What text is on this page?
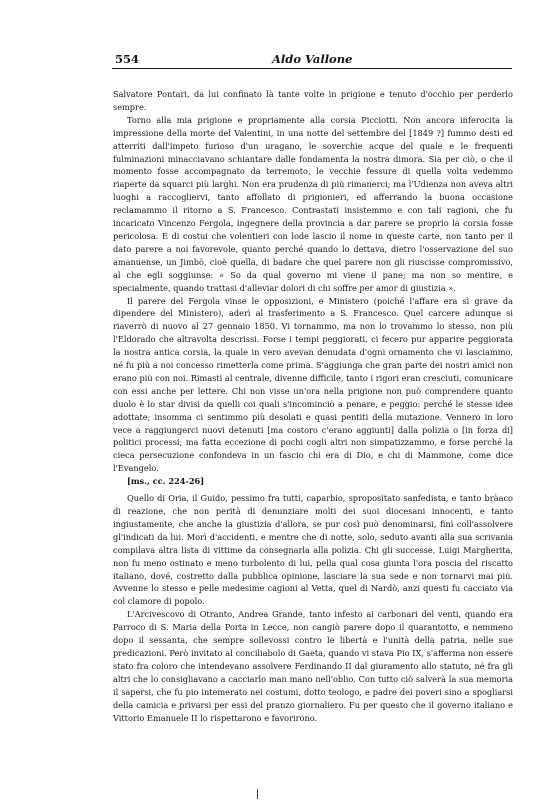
554	Aldo Vallone

Salvatore Pontari, da lui confinato là tante volte in prigione e tenuto d'occhio per perderlo sempre.

Torno alla mia prigione e propriamente alla corsia Picciotti. Non ancora inferocita la impressione della morte del Valentini, in una notte del settembre del [1849 ?] fummo desti ed atterriti dall'impeto furioso d'un uragano, le soverchie acque del quale e le frequenti fulminazioni minacciavano schiantare dalle fondamenta la nostra dimora. Sia per ciò, o che il momento fosse accompagnato da terremoto, le vecchie fessure di quella volta vedemmo riaperte da squarci più larghi. Non era prudenza di più rimanerci; ma l'Udienza non aveva altri luoghi a raccogliervi, tanto affollato di prigionieri, ed afferrando la buona occasione reclamammo il ritorno a S. Francesco. Contrastati insistemmo e con tali ragioni, che fu incaricato Vincenzo Fergola, ingegnere della provincia a dar parere se proprio la corsia fosse pericolosa. E di costui che volentieri con lode lascio il nome in queste carte, non tanto per il dato parere a noi favorevole, quanto perché quando lo dettava, dietro l'osservazione del suo amanuense, un Jimbò, cioè quella, di badare che quel parere non gli riuscisse compromissivo, al che egli soggiunse: « So da qual governo mi viene il pane; ma non so mentire, e specialmente, quando trattasi d'alleviar dolori di chi soffre per amor di giustizia ».

Il parere del Fergola vinse le opposizioni, e Ministero (poiché l'affare era sì grave da dipendere del Ministero), aderì al trasferimento a S. Francesco. Quel carcere adunque si riaverrò di nuovo al 27 gennaio 1850. Vi tornammo, ma non lo trovammo lo stesso, non più l'Eldorado che altravolta descrissi. Forse i tempi peggiorati, ci fecero pur apparire peggiorata la nostra antica corsia, la quale in vero avevan denudata d'ogni ornamento che vi lasciammo, né fu più a noi concesso rimetterla come prima. S'aggiunga che gran parte dei nostri amici non erano più con noi. Rimasti al centrale, divenne difficile, tanto i rigori eran cresciuti, comunicare con essi anche per lettere. Chi non visse un'ora nella prigione non può comprendere quanto duolo è lo star divisi da quelli coi quali s'incominciò a penare, e peggio: perché le stesse idee adottate; insomma ci sentimmo più desolati e quasi pentiti della mutazione. Vennero in loro vece a raggiungerci nuovi detenuti [ma costoro c'erano aggiunti] dalla polizia o [in forza di] politici processi; ma fatta eccezione di pochi cogli altri non simpatizzammo, e forse perché la cieca persecuzione confondeva in un fascio chi era di Dio, e chi di Mammone, come dice l'Evangelo.

[ms., cc. 224-26]

Quello di Oria, il Guido, pessimo fra tutti, caparbio, spropositato sanfedista, e tanto bràaco di reazione, che non perità di denunziare molti dei suoi diocesani innocenti, e tanto ingiustamente, che anche la giustizia d'allora, se pur così può denominarsi, finì coll'assolvere gl'indicati da lui. Morì d'accidenti, e mentre che di notte, solo, seduto avanti alla sua scrivania compilava altra lista di vittime da consegnarla alla polizia. Chi gli successe, Luigi Margherita, non fu meno ostinato e meno turbolento di lui, pella qual cosa giunta l'ora poscia del riscatto italiano, dové, costretto dalla pubblica opinione, lasciare la sua sede e non tornarvi mai più. Avvenne lo stesso e pelle medesime cagioni al Vetta, quel di Nardò, anzi questi fu cacciato via col clamore di popolo.

L'Arcivescovo di Otranto, Andrea Grande, tanto infesto ai carbonari del venti, quando era Parroco di S. Maria della Porta in Lecce, non cangiò parere dopo il quarantotto, e nemmeno dopo il sessanta, che sempre sollevossi contro le libertà e l'unità della patria, nelle sue predicazioni. Però invitato al conciliabolo di Gaeta, quando vi stava Pio IX, s'afferma non essere stato fra coloro che intendevano assolvere Ferdinando II dal giuramento allo statuto, né fra gli altri che lo consigliavano a cacciarlo man mano nell'oblio. Con tutto ciò salverà la sua memoria il sapersi, che fu pio intemerato nei costumi, dotto teologo, e padre dei poveri sino a spogliarsi della camicia e privarsi per essi del pranzo giornaliero. Fu per questo che il governo italiano e Vittorio Emanuele II lo rispettarono e favorirono.
